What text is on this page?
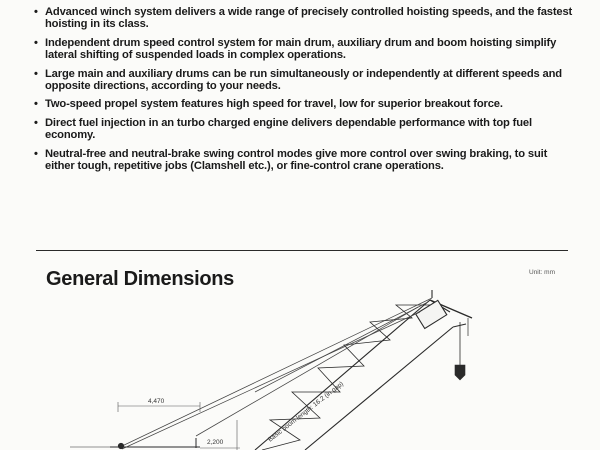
• Advanced winch system delivers a wide range of precisely controlled hoisting speeds, and the fastest hoisting in its class.
• Independent drum speed control system for main drum, auxiliary drum and boom hoisting simplify lateral shifting of suspended loads in complex operations.
• Large main and auxiliary drums can be run simultaneously or independently at different speeds and opposite directions, according to your needs.
• Two-speed propel system features high speed for travel, low for superior breakout force.
• Direct fuel injection in an turbo charged engine delivers dependable performance with top fuel economy.
• Neutral-free and neutral-brake swing control modes give more control over swing braking, to suit either tough, repetitive jobs (Clamshell etc.), or fine-control crane operations.
General Dimensions	Unit: mm
4,470
2,200	Basic boom length: 16.2 (in gap)
